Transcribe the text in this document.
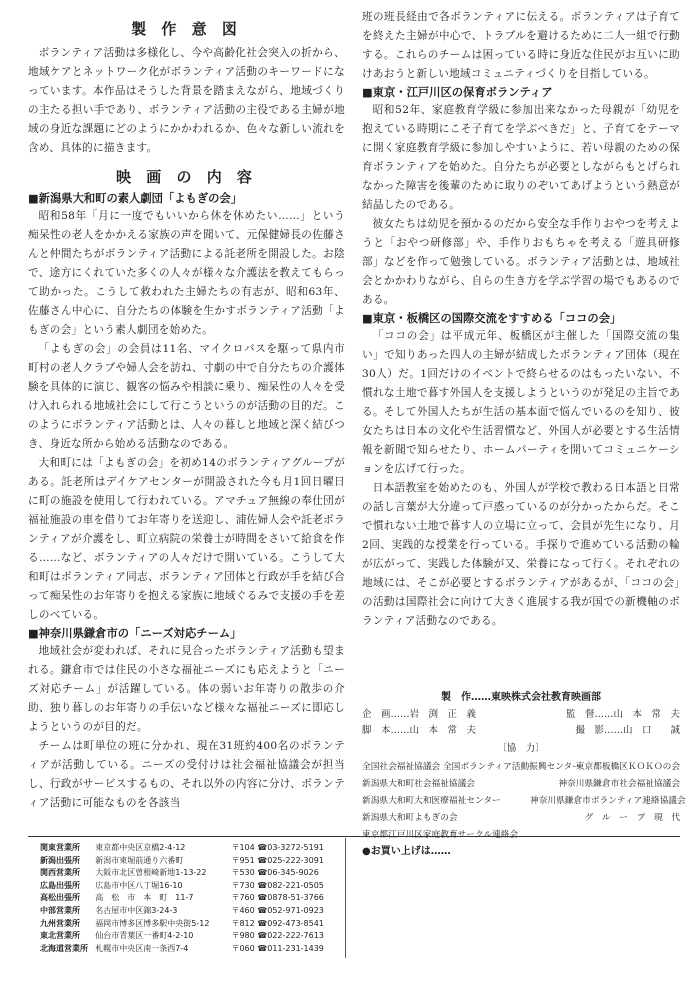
製 作 意 図

ボランティア活動は多様化し、今や高齢化社会突入の折から、地域ケアとネットワーク化がボランティア活動のキーワードになっています。本作品はそうした背景を踏まえながら、地域づくりの主たる担い手であり、ボランティア活動の主役である主婦が地域の身近な課題にどのようにかかわれるか、色々な新しい流れを含め、具体的に描きます。

映 画 の 内 容

■新潟県大和町の素人劇団「よもぎの会」

昭和58年「月に一度でもいいから休を休めたい……」という痴呆性の老人をかかえる家族の声を聞いて、元保健婦長の佐藤さんと仲間たちがボランティア活動による託老所を開設した。お陰で、途方にくれていた多くの人々が様々な介護法を教えてもらって助かった。こうして救われた主婦たちの有志が、昭和63年、佐藤さん中心に、自分たちの体験を生かすボランティア活動「よもぎの会」という素人劇団を始めた。

「よもぎの会」の会員は11名、マイクロバスを駆って県内市町村の老人クラブや婦人会を訪ね、寸劇の中で自分たちの介護体験を具体的に演じ、観客の悩みや相談に乗り、痴呆性の人々を受け入れられる地域社会にして行こうというのが活動の目的だ。このようにボランティア活動とは、人々の暮しと地域と深く結びつき、身近な所から始める活動なのである。

大和町には「よもぎの会」を初め14のボランティアグループがある。託老所はデイケアセンターが開設された今も月1回日曜日に町の施設を使用して行われている。アマチュア無線の奉仕団が福祉施設の車を借りてお年寄りを送迎し、浦佐婦人会や託老ボランティアが介護をし、町立病院の栄養士が時間をさいて給食を作る……など、ボランティアの人々だけで開いている。こうして大和町はボランティア同志、ボランティア団体と行政が手を結び合って痴呆性のお年寄りを抱える家族に地域ぐるみで支援の手を差しのべている。

■神奈川県鎌倉市の「ニーズ対応チーム」

地域社会が変われば、それに見合ったボランティア活動も望まれる。鎌倉市では住民の小さな福祉ニーズにも応えようと「ニーズ対応チーム」が活躍している。体の弱いお年寄りの散歩の介助、独り暮しのお年寄りの手伝いなど様々な福祉ニーズに即応しようというのが目的だ。

チームは町単位の班に分かれ、現在31班約400名のボランティアが活動している。ニーズの受付けは社会福祉協議会が担当し、行政がサービスするもの、それ以外の内容に分け、ボランティア活動に可能なものを各該当

班の班長経由で各ボランティアに伝える。ボランティアは子育てを終えた主婦が中心で、トラブルを避けるために二人一組で行動する。これらのチームは困っている時に身近な住民がお互いに助けあおうと新しい地域コミュニティづくりを目指している。

■東京・江戸川区の保育ボランティア

昭和52年、家庭教育学級に参加出来なかった母親が「幼児を抱えている時期にこそ子育てを学ぶべきだ」と、子育てをテーマに開く家庭教育学級に参加しやすいように、若い母親のための保育ボランティアを始めた。自分たちが必要としながらもとげられなかった障害を後輩のために取りのぞいてあげようという熱意が結晶したのである。

彼女たちは幼児を預かるのだから安全な手作りおやつを考えようと「おやつ研修部」や、手作りおもちゃを考える「遊具研修部」などを作って勉強している。ボランティア活動とは、地域社会とかかわりながら、自らの生き方を学ぶ学習の場でもあるのである。

■東京・板橋区の国際交流をすすめる「ココの会」

「ココの会」は平成元年、板橋区が主催した「国際交流の集い」で知りあった四人の主婦が結成したボランティア団体（現在30人）だ。1回だけのイベントで終らせるのはもったいない、不慣れな土地で暮す外国人を支援しようというのが発足の主旨である。そして外国人たちが生活の基本面で悩んでいるのを知り、彼女たちは日本の文化や生活習慣など、外国人が必要とする生活情報を新聞で知らせたり、ホームパーティを開いてコミュニケーションを広げて行った。

日本語教室を始めたのも、外国人が学校で教わる日本語と日常の話し言葉が大分違って戸惑っているのが分かったからだ。そこで慣れない土地で暮す人の立場に立って、会員が先生になり、月2回、実践的な授業を行っている。手探りで進めている活動の輪が広がって、実践した体験が又、栄養になって行く。それぞれの地域には、そこが必要とするボランティアがあるが、「ココの会」の活動は国際社会に向けて大きく進展する我が国での新機軸のボランティア活動なのである。

製　作……東映株式会社教育映画部
企　画……岩　渕　正　義	監　督……山　本　常　夫
脚　本……山　本　常　夫	撮　影……山　口　　誠
〔協　力〕
全国社会福祉協議会 全国ボランティア活動振興センター
東京都板橋区ＫＯＫＯの会
新潟県大和町社会福祉協議会	神奈川県鎌倉市社会福祉協議会
新潟県大和町大和医療福祉センター	神奈川県鎌倉市ボランティア連絡協議会
新潟県大和町よもぎの会	グ　ル　ー　プ　現　代
東京都江戸川区家庭教育サークル連絡会
関東営業所	東京都中央区京橋2-4-12	〒104 ☎03-3272-5191
新潟出張所	新潟市東堀前通り六番町	〒951 ☎025-222-3091
関西営業所	大阪市北区曽根崎新地1-13-22	〒530 ☎06-345-9026
広島出張所	広島市中区八丁堀16-10	〒730 ☎082-221-0505
高松出張所	高　松　市　本　町　11-7	〒760 ☎0878-51-3766
中部営業所	名古屋市中区錦3-24-3	〒460 ☎052-971-0923
九州営業所	福岡市博多区博多駅中央街5-12	〒812 ☎092-473-8541
東北営業所	仙台市青葉区一番町4-2-10	〒980 ☎022-222-7613
北海道営業所 札幌市中央区南一条西7-4	〒060 ☎011-231-1439
●お買い上げは……
